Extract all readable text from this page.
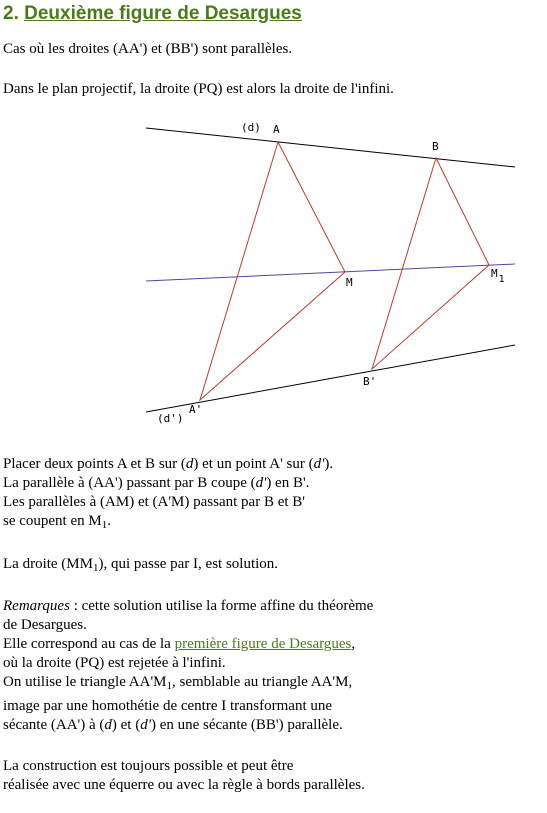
2. Deuxième figure de Desargues

Cas où les droites (AA') et (BB') sont parallèles.

Dans le plan projectif, la droite (PQ) est alors la droite de l'infini.

(d) A
B
M
M1
B'
(d')
A'

Placer deux points A et B sur (d) et un point A' sur (d').

La parallèle à (AA') passant par B coupe (d') en B'.

Les parallèles à (AM) et (A'M) passant par B et B'

se coupent en $M_1$.

La droite $(MM_1)$, qui passe par I, est solution.

Remarques : cette solution utilise la forme affine du théorème

de Desargues.

Elle correspond au cas de la première figure de Desargues,

où la droite (PQ) est rejetée à l'infini.

On utilise le triangle $AA'M_1$, semblable au triangle AA'M,

image par une homothétie de centre I transformant une

sécante (AA') à (d) et (d') en une sécante (BB') parallèle.

La construction est toujours possible et peut être

réalisée avec une équerre ou avec la règle à bords parallèles.
